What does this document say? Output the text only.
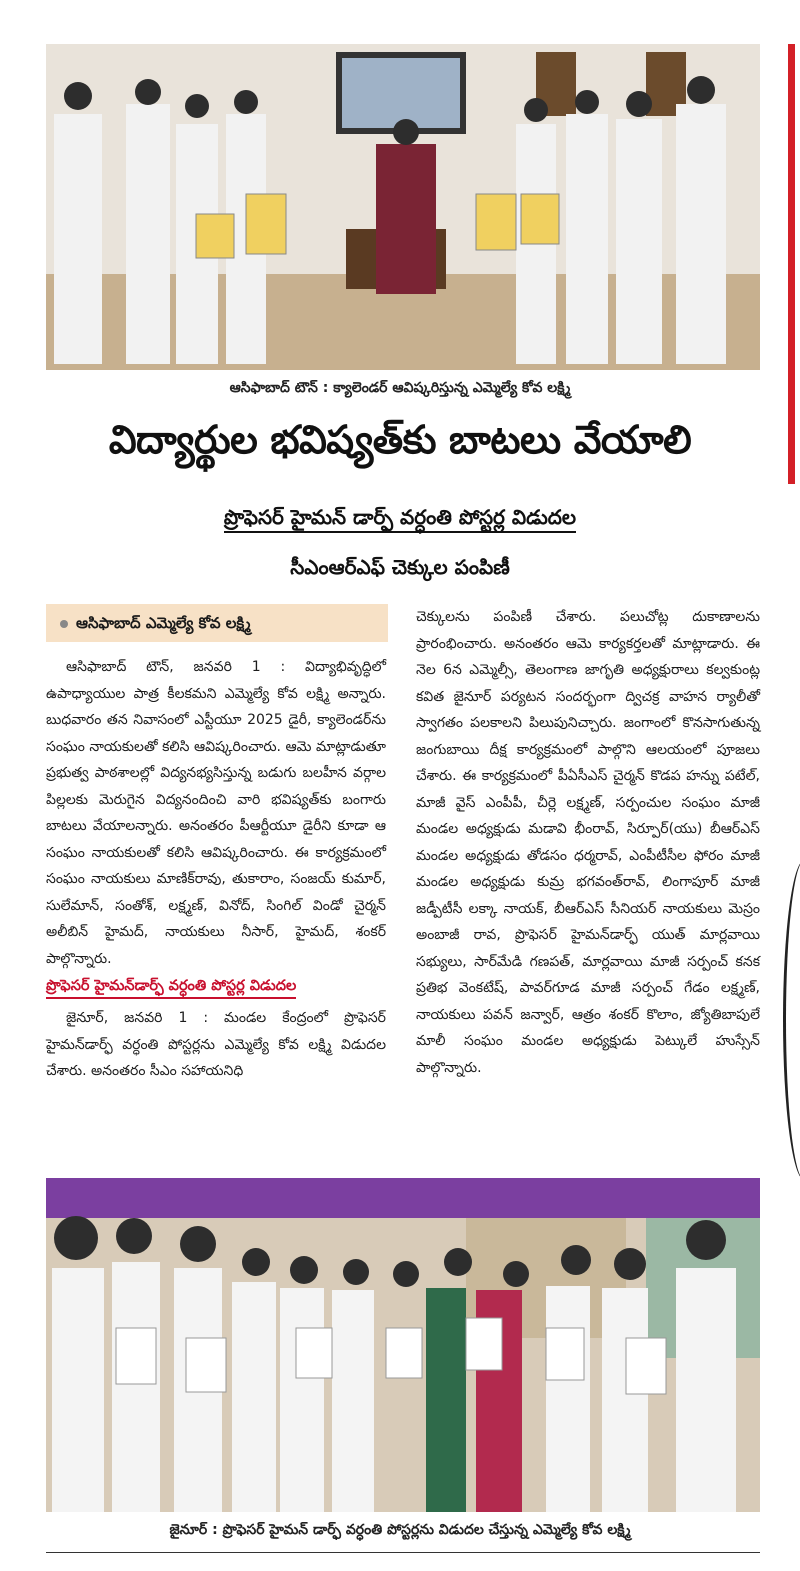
ఆసిఫాబాద్ టౌన్ : క్యాలెండర్ ఆవిష్కరిస్తున్న ఎమ్మెల్యే కోవ లక్ష్మి
విద్యార్థుల భవిష్యత్‌కు బాటలు వేయాలి
ప్రొఫెసర్ హైమన్ డార్ఫ్ వర్ధంతి పోస్టర్ల విడుదల
సీఎంఆర్ఎఫ్ చెక్కుల పంపిణీ
ఆసిఫాబాద్ ఎమ్మెల్యే కోవ లక్ష్మి

ఆసిఫాబాద్ టౌన్, జనవరి 1 : విద్యాభివృద్ధిలో ఉపాధ్యాయుల పాత్ర కీలకమని ఎమ్మెల్యే కోవ లక్ష్మి అన్నారు. బుధవారం తన నివాసంలో ఎస్టీయూ 2025 డైరీ, క్యాలెండర్‌ను సంఘం నాయకులతో కలిసి ఆవిష్కరించారు. ఆమె మాట్లాడుతూ ప్రభుత్వ పాఠశాలల్లో విద్యనభ్యసిస్తున్న బడుగు బలహీన వర్గాల పిల్లలకు మెరుగైన విద్యనందించి వారి భవిష్యత్‌కు బంగారు బాటలు వేయాలన్నారు. అనంతరం పీఆర్టీయూ డైరీని కూడా ఆ సంఘం నాయకులతో కలిసి ఆవిష్కరించారు. ఈ కార్యక్రమంలో సంఘం నాయకులు మాణిక్‌రావు, తుకారాం, సంజయ్ కుమార్, సులేమాన్, సంతోశ్, లక్ష్మణ్, వినోద్, సింగిల్ విండో చైర్మన్ అలీబిన్ హైమద్, నాయకులు నీసార్, హైమద్, శంకర్ పాల్గొన్నారు.

ప్రొఫెసర్ హైమన్‌డార్ఫ్ వర్ధంతి పోస్టర్ల విడుదల

జైనూర్, జనవరి 1 : మండల కేంద్రంలో ప్రొఫెసర్ హైమన్‌డార్ఫ్ వర్ధంతి పోస్టర్లను ఎమ్మెల్యే కోవ లక్ష్మి విడుదల చేశారు. అనంతరం సీఎం సహాయనిధి

చెక్కులను పంపిణీ చేశారు. పలుచోట్ల దుకాణాలను ప్రారంభించారు. అనంతరం ఆమె కార్యకర్తలతో మాట్లాడారు. ఈ నెల 6న ఎమ్మెల్సీ, తెలంగాణ జాగృతి అధ్యక్షురాలు కల్వకుంట్ల కవిత జైనూర్ పర్యటన సందర్భంగా ద్విచక్ర వాహన ర్యాలీతో స్వాగతం పలకాలని పిలుపునిచ్చారు. జంగాంలో కొనసాగుతున్న జంగుబాయి దీక్ష కార్యక్రమంలో పాల్గొని ఆలయంలో పూజలు చేశారు. ఈ కార్యక్రమంలో పీఏసీఎస్ చైర్మన్ కొడప హన్ను పటేల్, మాజీ వైస్ ఎంపీపీ, చీర్లె లక్ష్మణ్, సర్పంచుల సంఘం మాజీ మండల అధ్యక్షుడు మడావి భీంరావ్, సిర్పూర్(యు) బీఆర్ఎస్ మండల అధ్యక్షుడు తోడసం ధర్మరావ్, ఎంపీటీసీల ఫోరం మాజీ మండల అధ్యక్షుడు కుమ్ర భగవంత్‌రావ్, లింగాపూర్ మాజీ జడ్పీటీసీ లక్కా నాయక్, బీఆర్ఎస్ సీనియర్ నాయకులు మెస్రం అంబాజీ రావ, ప్రొఫెసర్ హైమన్‌డార్ఫ్ యుత్ మార్లవాయి సభ్యులు, సార్‌మేడి గణపత్, మార్లవాయి మాజీ సర్పంచ్ కనక ప్రతిభ వెంకటేష్, పావర్‌గూడ మాజీ సర్పంచ్ గేడం లక్ష్మణ్, నాయకులు పవన్ జన్వార్, ఆత్రం శంకర్ కొలాం, జ్యోతిబాపులే మాలీ సంఘం మండల అధ్యక్షుడు పెట్కులే హుస్సేన్ పాల్గొన్నారు.

జైనూర్ : ప్రొఫెసర్ హైమన్ డార్ఫ్ వర్ధంతి పోస్టర్లను విడుదల చేస్తున్న ఎమ్మెల్యే కోవ లక్ష్మి
